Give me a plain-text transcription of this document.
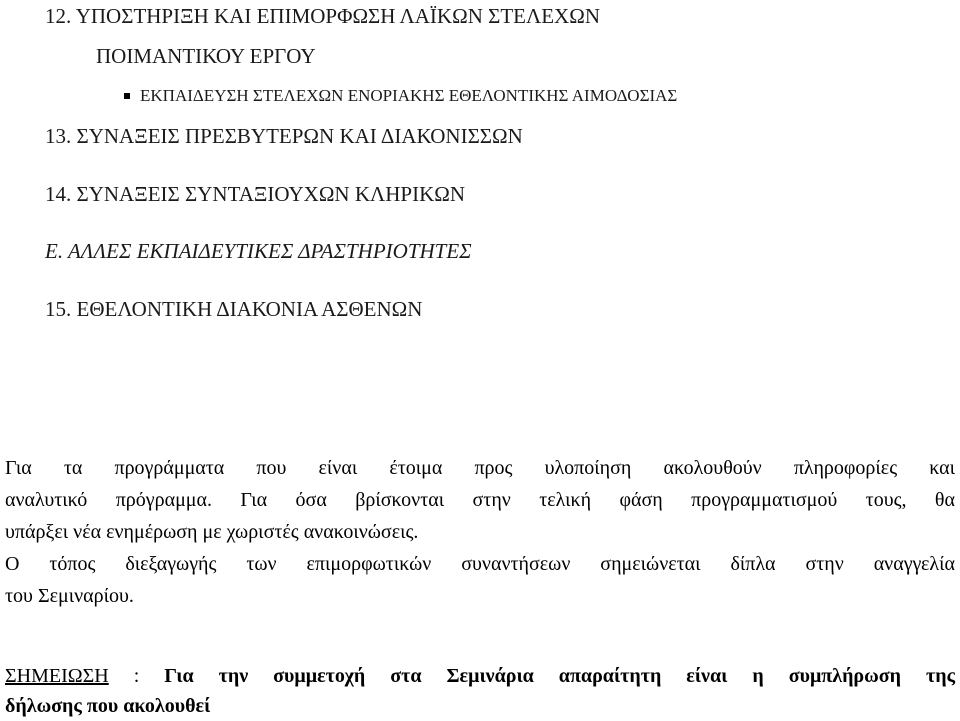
12. ΥΠΟΣΤΗΡΙΞΗ ΚΑΙ ΕΠΙΜΟΡΦΩΣΗ ΛΑΪΚΩΝ ΣΤΕΛΕΧΩΝ
ΠΟΙΜΑΝΤΙΚΟΥ ΕΡΓΟΥ
ΕΚΠΑΙΔΕΥΣΗ ΣΤΕΛΕΧΩΝ ΕΝΟΡΙΑΚΗΣ ΕΘΕΛΟΝΤΙΚΗΣ ΑΙΜΟΔΟΣΙΑΣ
13. ΣΥΝΑΞΕΙΣ ΠΡΕΣΒΥΤΕΡΩΝ ΚΑΙ ΔΙΑΚΟΝΙΣΣΩΝ
14. ΣΥΝΑΞΕΙΣ ΣΥΝΤΑΞΙΟΥΧΩΝ ΚΛΗΡΙΚΩΝ
Ε. ΑΛΛΕΣ ΕΚΠΑΙΔΕΥΤΙΚΕΣ ΔΡΑΣΤΗΡΙΟΤΗΤΕΣ
15. ΕΘΕΛΟΝΤΙΚΗ ΔΙΑΚΟΝΙΑ ΑΣΘΕΝΩΝ
Για τα προγράμματα που είναι έτοιμα προς υλοποίηση ακολουθούν πληροφορίες και
αναλυτικό πρόγραμμα. Για όσα βρίσκονται στην τελική φάση προγραμματισμού τους, θα
υπάρξει νέα ενημέρωση με χωριστές ανακοινώσεις.
Ο τόπος διεξαγωγής των επιμορφωτικών συναντήσεων σημειώνεται δίπλα στην αναγγελία
του Σεμιναρίου.
ΣΗΜΕΙΩΣΗ : Για την συμμετοχή στα Σεμινάρια απαραίτητη είναι η συμπλήρωση της
δήλωσης που ακολουθεί
